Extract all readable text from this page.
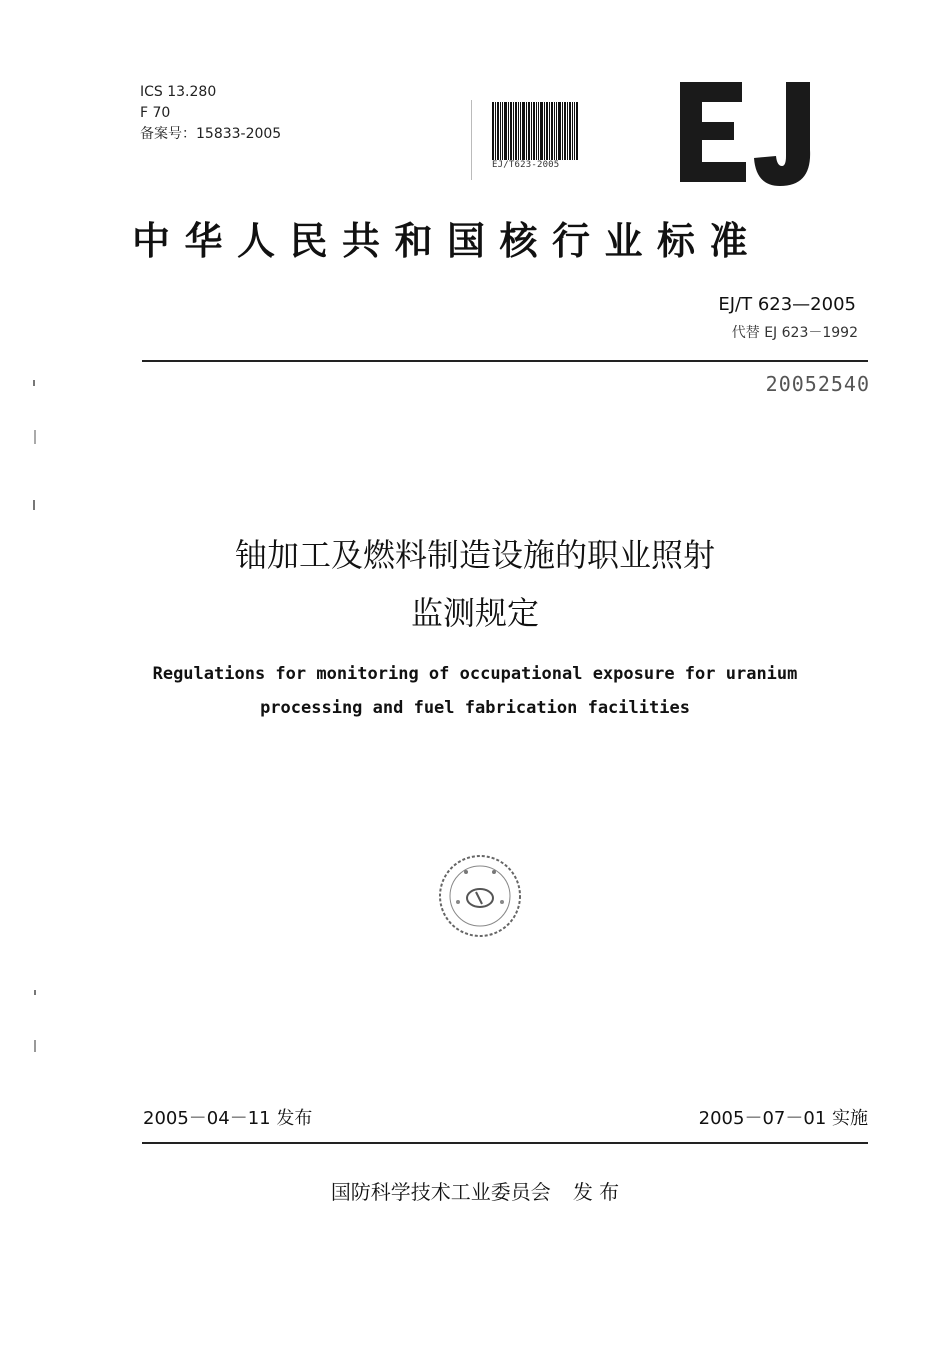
ICS 13.280
F 70
备案号：15833-2005
EJ/T623-2005
中华人民共和国核行业标准
EJ/T 623—2005
代替 EJ 623－1992
20052540
铀加工及燃料制造设施的职业照射
监测规定
Regulations for monitoring of occupational exposure for uranium
processing and fuel fabrication facilities
2005－04－11 发布	2005－07－01 实施
国防科学技术工业委员会 发 布
